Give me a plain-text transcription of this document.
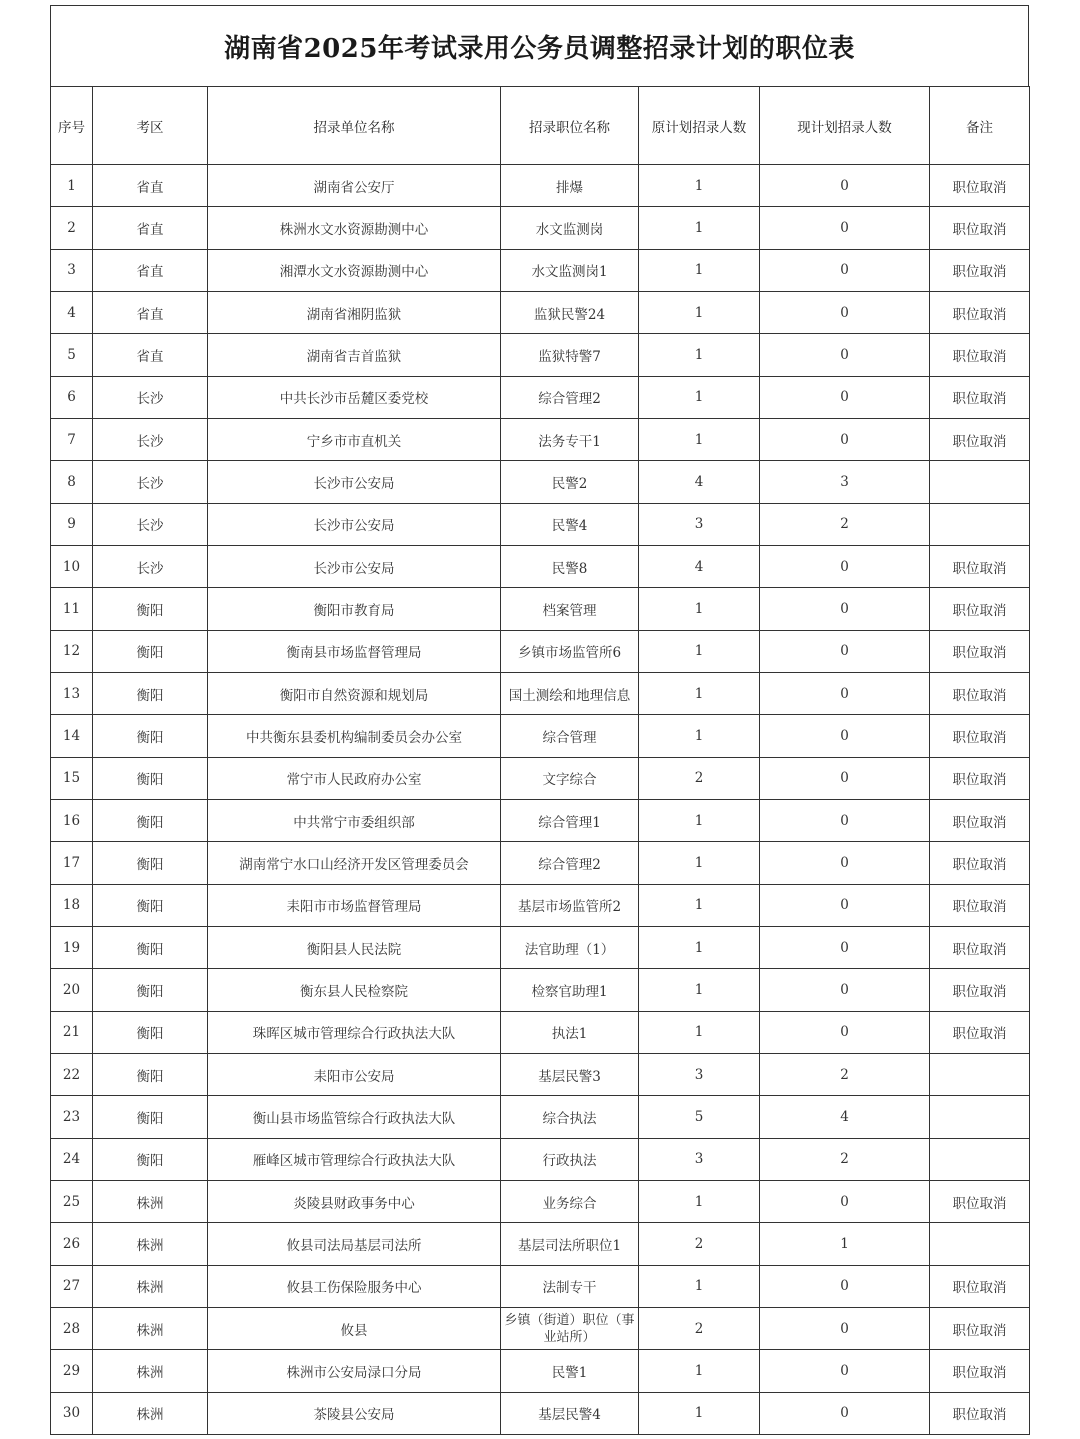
湖南省2025年考试录用公务员调整招录计划的职位表
序号	考区	招录单位名称	招录职位名称	原计划招录人数	现计划招录人数	备注
1	省直	湖南省公安厅	排爆	1	0	职位取消
2	省直	株洲水文水资源勘测中心	水文监测岗	1	0	职位取消
3	省直	湘潭水文水资源勘测中心	水文监测岗1	1	0	职位取消
4	省直	湖南省湘阴监狱	监狱民警24	1	0	职位取消
5	省直	湖南省吉首监狱	监狱特警7	1	0	职位取消
6	长沙	中共长沙市岳麓区委党校	综合管理2	1	0	职位取消
7	长沙	宁乡市市直机关	法务专干1	1	0	职位取消
8	长沙	长沙市公安局	民警2	4	3	
9	长沙	长沙市公安局	民警4	3	2	
10	长沙	长沙市公安局	民警8	4	0	职位取消
11	衡阳	衡阳市教育局	档案管理	1	0	职位取消
12	衡阳	衡南县市场监督管理局	乡镇市场监管所6	1	0	职位取消
13	衡阳	衡阳市自然资源和规划局	国土测绘和地理信息	1	0	职位取消
14	衡阳	中共衡东县委机构编制委员会办公室	综合管理	1	0	职位取消
15	衡阳	常宁市人民政府办公室	文字综合	2	0	职位取消
16	衡阳	中共常宁市委组织部	综合管理1	1	0	职位取消
17	衡阳	湖南常宁水口山经济开发区管理委员会	综合管理2	1	0	职位取消
18	衡阳	耒阳市市场监督管理局	基层市场监管所2	1	0	职位取消
19	衡阳	衡阳县人民法院	法官助理（1）	1	0	职位取消
20	衡阳	衡东县人民检察院	检察官助理1	1	0	职位取消
21	衡阳	珠晖区城市管理综合行政执法大队	执法1	1	0	职位取消
22	衡阳	耒阳市公安局	基层民警3	3	2	
23	衡阳	衡山县市场监管综合行政执法大队	综合执法	5	4	
24	衡阳	雁峰区城市管理综合行政执法大队	行政执法	3	2	
25	株洲	炎陵县财政事务中心	业务综合	1	0	职位取消
26	株洲	攸县司法局基层司法所	基层司法所职位1	2	1	
27	株洲	攸县工伤保险服务中心	法制专干	1	0	职位取消
28	株洲	攸县	乡镇（街道）职位（事业站所）	2	0	职位取消
29	株洲	株洲市公安局渌口分局	民警1	1	0	职位取消
30	株洲	茶陵县公安局	基层民警4	1	0	职位取消
